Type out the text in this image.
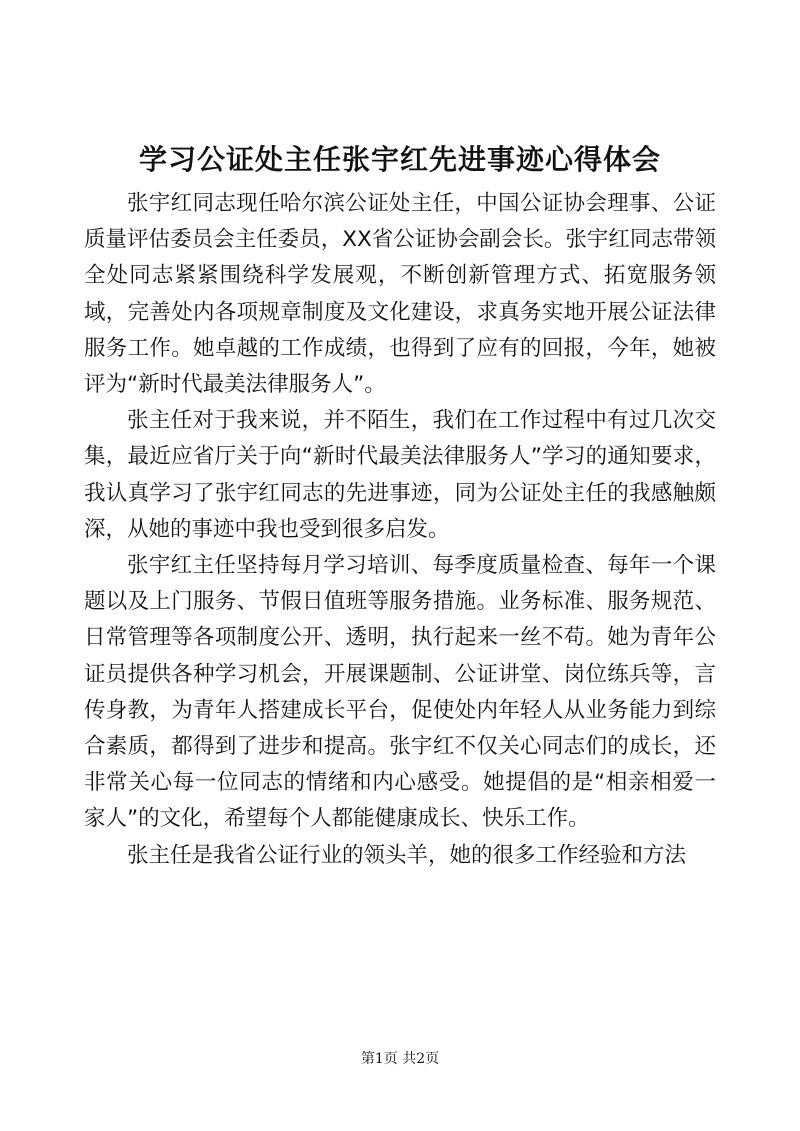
学习公证处主任张宇红先进事迹心得体会

张宇红同志现任哈尔滨公证处主任，中国公证协会理事、公证质量评估委员会主任委员，XX省公证协会副会长。张宇红同志带领全处同志紧紧围绕科学发展观，不断创新管理方式、拓宽服务领域，完善处内各项规章制度及文化建设，求真务实地开展公证法律服务工作。她卓越的工作成绩，也得到了应有的回报，今年，她被评为“新时代最美法律服务人”。

张主任对于我来说，并不陌生，我们在工作过程中有过几次交集，最近应省厅关于向“新时代最美法律服务人”学习的通知要求，我认真学习了张宇红同志的先进事迹，同为公证处主任的我感触颇深，从她的事迹中我也受到很多启发。

张宇红主任坚持每月学习培训、每季度质量检查、每年一个课题以及上门服务、节假日值班等服务措施。业务标准、服务规范、日常管理等各项制度公开、透明，执行起来一丝不苟。她为青年公证员提供各种学习机会，开展课题制、公证讲堂、岗位练兵等，言传身教，为青年人搭建成长平台，促使处内年轻人从业务能力到综合素质，都得到了进步和提高。张宇红不仅关心同志们的成长，还非常关心每一位同志的情绪和内心感受。她提倡的是“相亲相爱一家人”的文化，希望每个人都能健康成长、快乐工作。

张主任是我省公证行业的领头羊，她的很多工作经验和方法

第1页 共2页
